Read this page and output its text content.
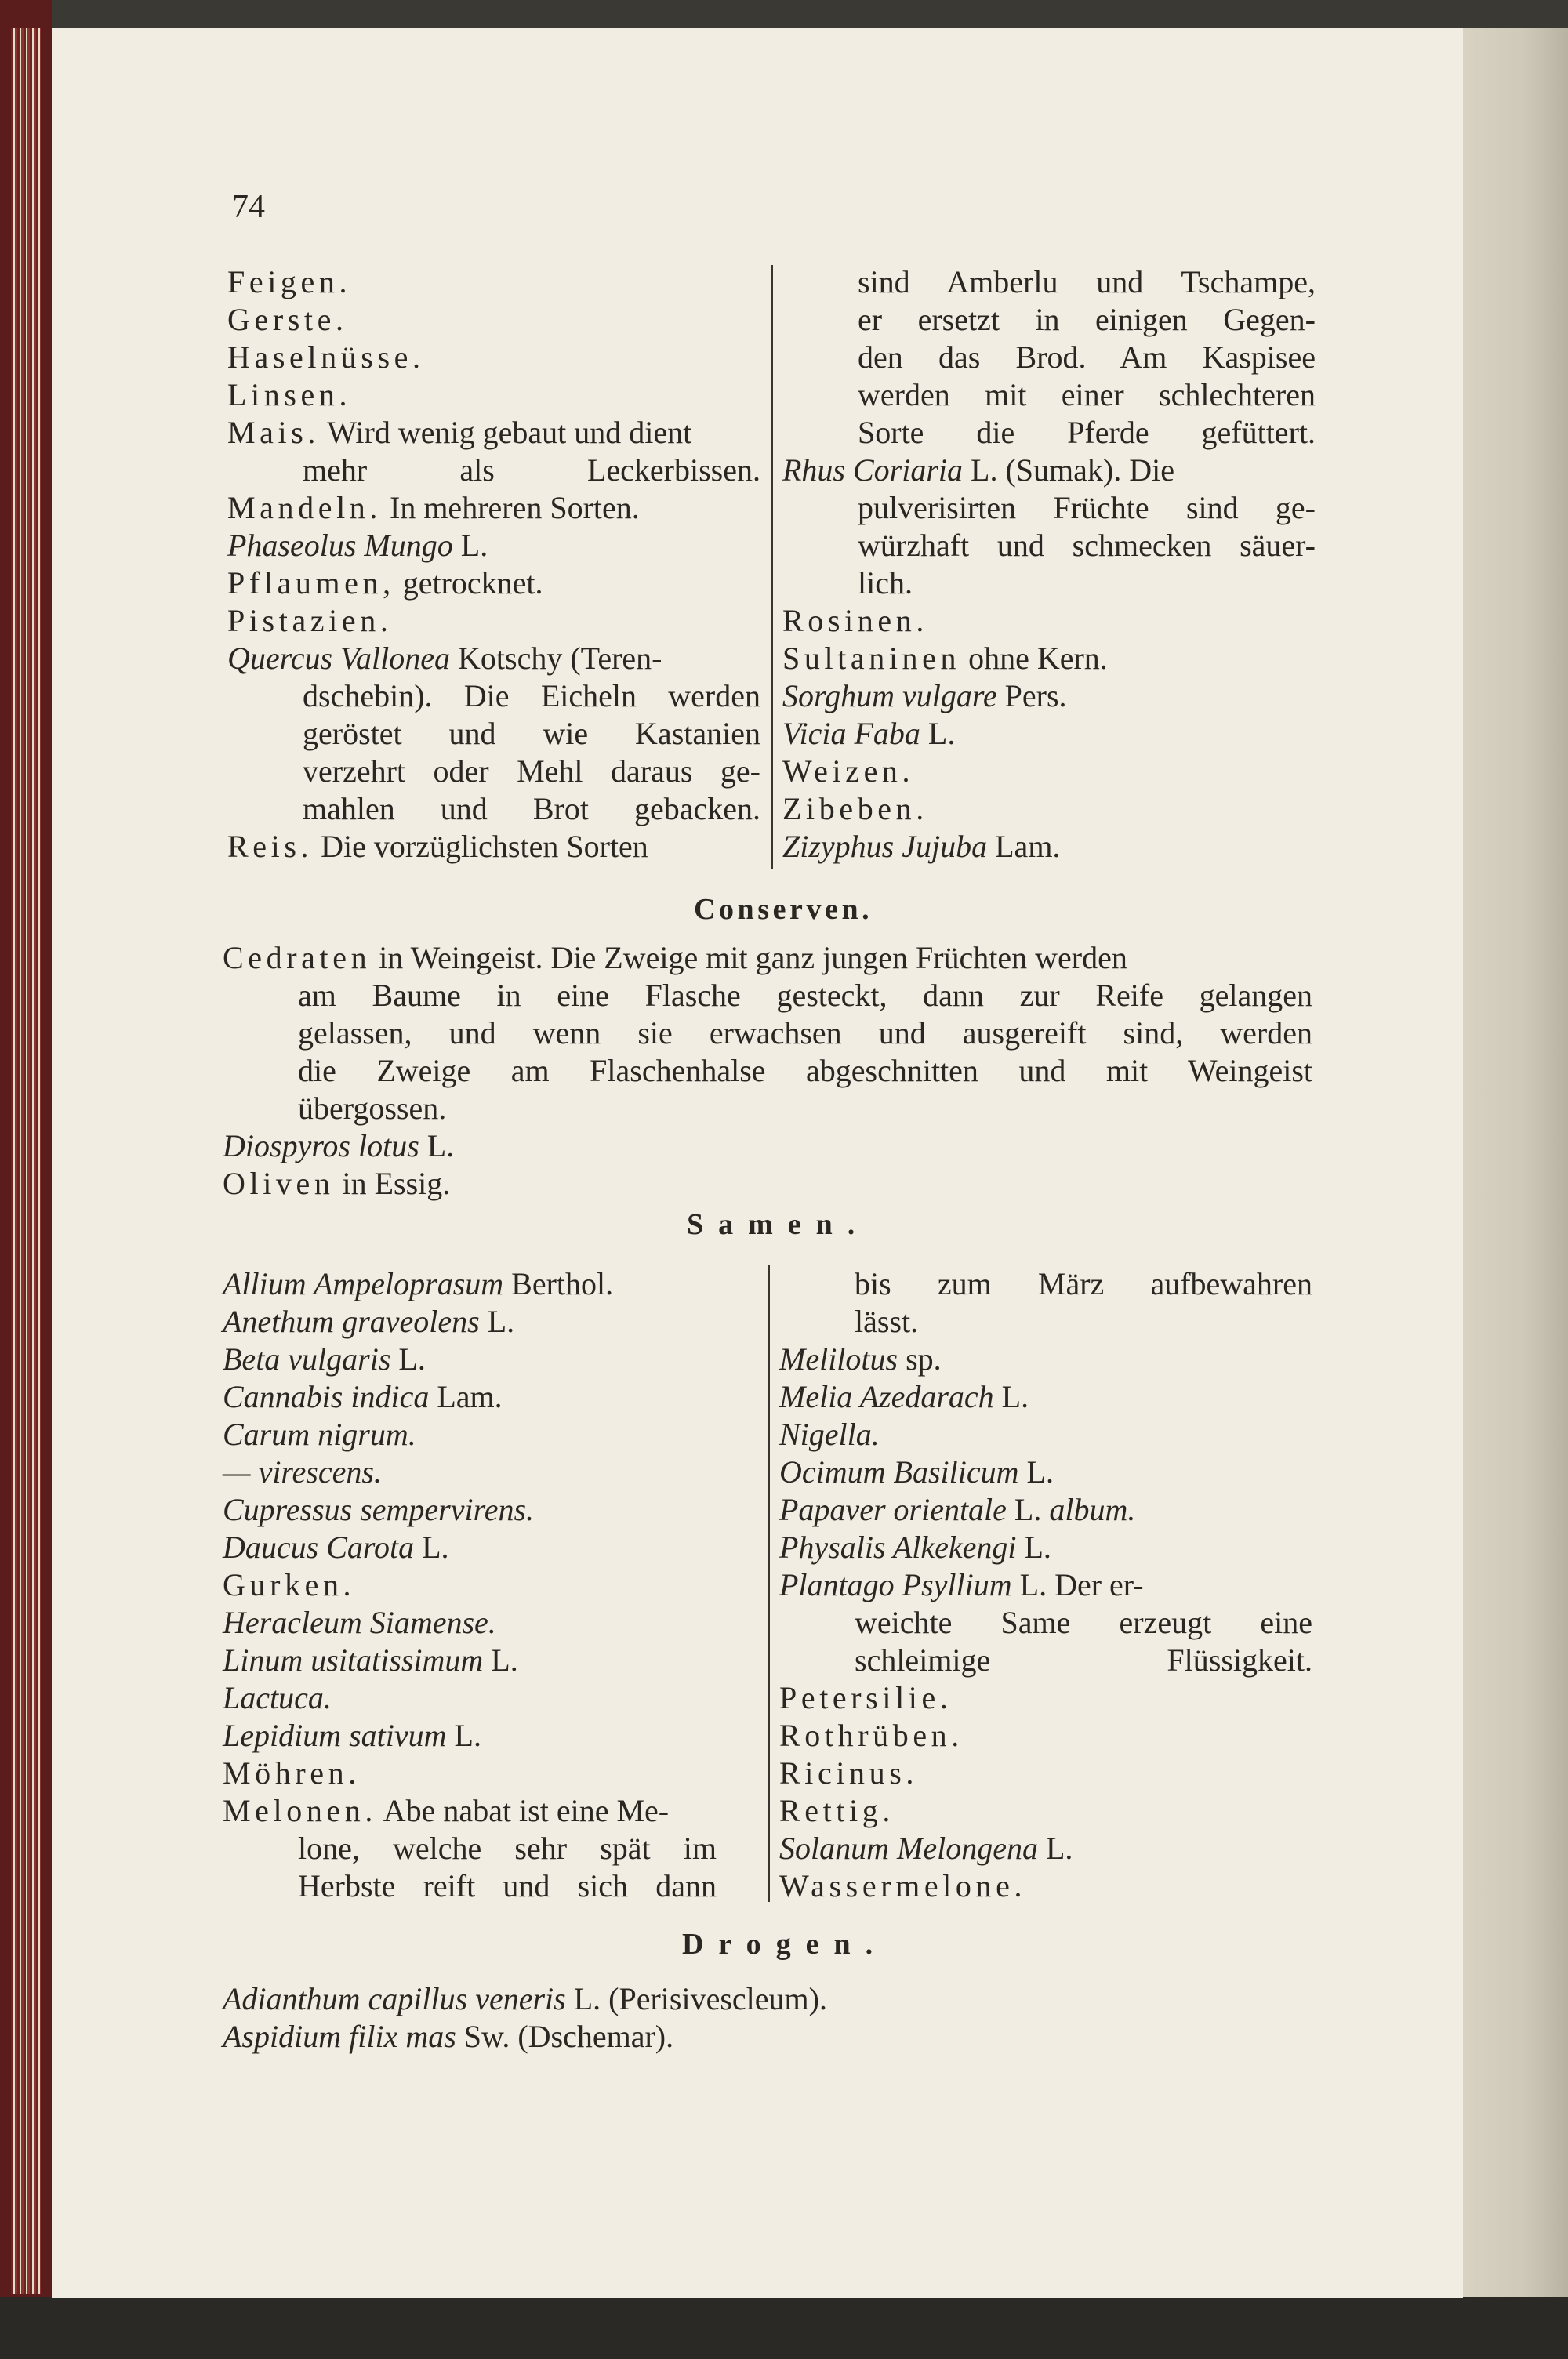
74
Feigen.
Gerste.
Haselnüsse.
Linsen.
Mais. Wird wenig gebaut und dient
mehr als Leckerbissen.
Mandeln. In mehreren Sorten.
Phaseolus Mungo L.
Pflaumen, getrocknet.
Pistazien.
Quercus Vallonea Kotschy (Teren-
dschebin). Die Eicheln werden
geröstet und wie Kastanien
verzehrt oder Mehl daraus ge-
mahlen und Brot gebacken.
Reis. Die vorzüglichsten Sorten
sind Amberlu und Tschampe,
er ersetzt in einigen Gegen-
den das Brod. Am Kaspisee
werden mit einer schlechteren
Sorte die Pferde gefüttert.
Rhus Coriaria L. (Sumak). Die
pulverisirten Früchte sind ge-
würzhaft und schmecken säuer-
lich.
Rosinen.
Sultaninen ohne Kern.
Sorghum vulgare Pers.
Vicia Faba L.
Weizen.
Zibeben.
Zizyphus Jujuba Lam.
Conserven.
Cedraten in Weingeist. Die Zweige mit ganz jungen Früchten werden
am Baume in eine Flasche gesteckt, dann zur Reife gelangen
gelassen, und wenn sie erwachsen und ausgereift sind, werden
die Zweige am Flaschenhalse abgeschnitten und mit Weingeist
übergossen.
Diospyros lotus L.
Oliven in Essig.
Samen.
Allium Ampeloprasum Berthol.
Anethum graveolens L.
Beta vulgaris L.
Cannabis indica Lam.
Carum nigrum.
— virescens.
Cupressus sempervirens.
Daucus Carota L.
Gurken.
Heracleum Siamense.
Linum usitatissimum L.
Lactuca.
Lepidium sativum L.
Möhren.
Melonen. Abe nabat ist eine Me-
lone, welche sehr spät im
Herbste reift und sich dann
bis zum März aufbewahren
lässt.
Melilotus sp.
Melia Azedarach L.
Nigella.
Ocimum Basilicum L.
Papaver orientale L. album.
Physalis Alkekengi L.
Plantago Psyllium L. Der er-
weichte Same erzeugt eine
schleimige Flüssigkeit.
Petersilie.
Rothrüben.
Ricinus.
Rettig.
Solanum Melongena L.
Wassermelone.
Drogen.
Adianthum capillus veneris L. (Perisivescleum).
Aspidium filix mas Sw. (Dschemar).
